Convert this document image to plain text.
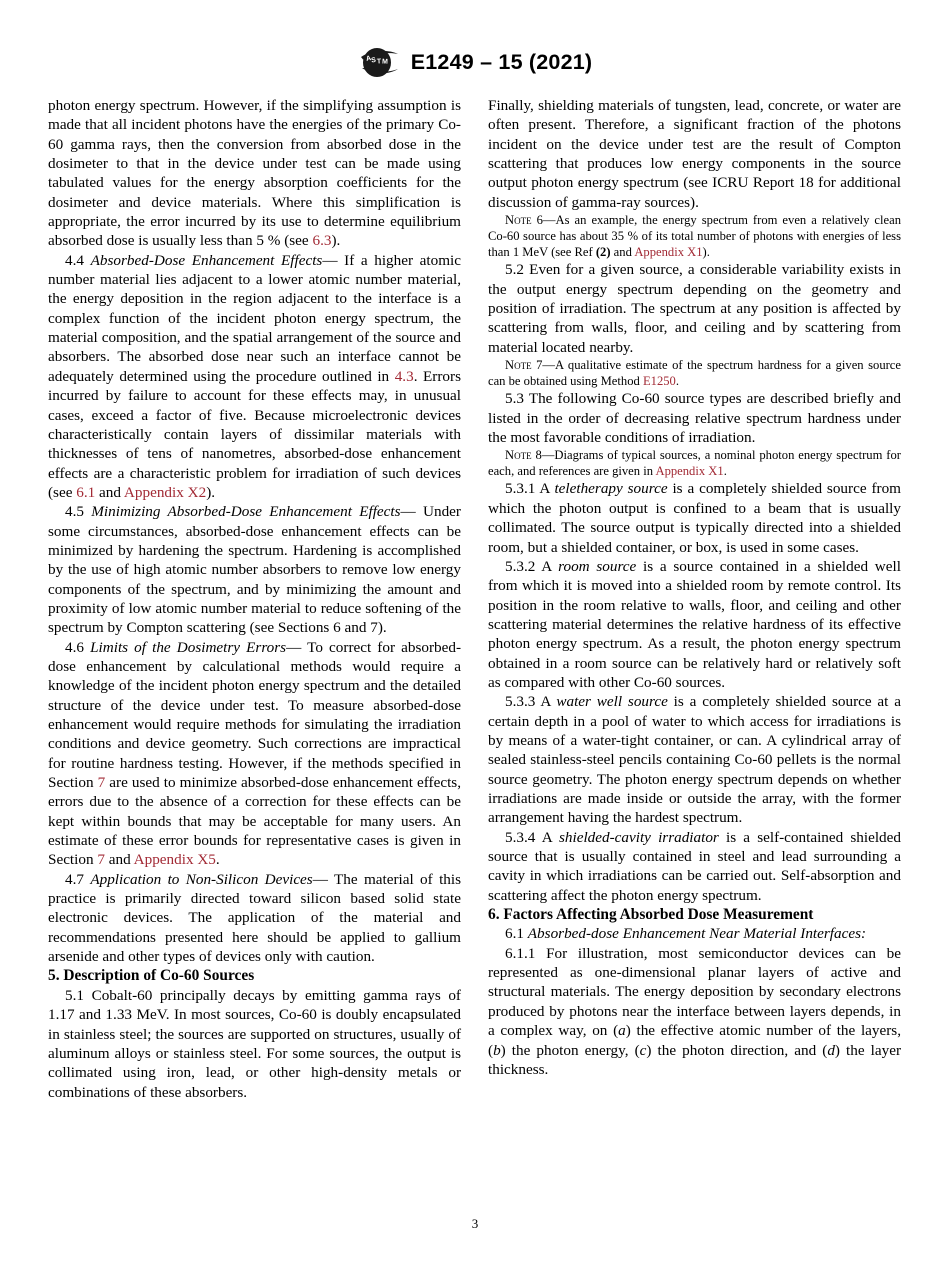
A
S T M E1249 – 15 (2021)

photon energy spectrum. However, if the simplifying assumption is made that all incident photons have the energies of the primary Co-60 gamma rays, then the conversion from absorbed dose in the dosimeter to that in the device under test can be made using tabulated values for the energy absorption coefficients for the dosimeter and device materials. Where this simplification is appropriate, the error incurred by its use to determine equilibrium absorbed dose is usually less than 5 % (see 6.3).

4.4 Absorbed-Dose Enhancement Effects— If a higher atomic number material lies adjacent to a lower atomic number material, the energy deposition in the region adjacent to the interface is a complex function of the incident photon energy spectrum, the material composition, and the spatial arrangement of the source and absorbers. The absorbed dose near such an interface cannot be adequately determined using the procedure outlined in 4.3. Errors incurred by failure to account for these effects may, in unusual cases, exceed a factor of five. Because microelectronic devices characteristically contain layers of dissimilar materials with thicknesses of tens of nanometres, absorbed-dose enhancement effects are a characteristic problem for irradiation of such devices (see 6.1 and Appendix X2).

4.5 Minimizing Absorbed-Dose Enhancement Effects— Under some circumstances, absorbed-dose enhancement effects can be minimized by hardening the spectrum. Hardening is accomplished by the use of high atomic number absorbers to remove low energy components of the spectrum, and by minimizing the amount and proximity of low atomic number material to reduce softening of the spectrum by Compton scattering (see Sections 6 and 7).

4.6 Limits of the Dosimetry Errors— To correct for absorbed-dose enhancement by calculational methods would require a knowledge of the incident photon energy spectrum and the detailed structure of the device under test. To measure absorbed-dose enhancement would require methods for simulating the irradiation conditions and device geometry. Such corrections are impractical for routine hardness testing. However, if the methods specified in Section 7 are used to minimize absorbed-dose enhancement effects, errors due to the absence of a correction for these effects can be kept within bounds that may be acceptable for many users. An estimate of these error bounds for representative cases is given in Section 7 and Appendix X5.

4.7 Application to Non-Silicon Devices— The material of this practice is primarily directed toward silicon based solid state electronic devices. The application of the material and recommendations presented here should be applied to gallium arsenide and other types of devices only with caution.

5. Description of Co-60 Sources

5.1 Cobalt-60 principally decays by emitting gamma rays of 1.17 and 1.33 MeV. In most sources, Co-60 is doubly encapsulated in stainless steel; the sources are supported on structures, usually of aluminum alloys or stainless steel. For some sources, the output is collimated using iron, lead, or other high-density metals or combinations of these absorbers.

Finally, shielding materials of tungsten, lead, concrete, or water are often present. Therefore, a significant fraction of the photons incident on the device under test are the result of Compton scattering that produces low energy components in the source output photon energy spectrum (see ICRU Report 18 for additional discussion of gamma-ray sources).

Note 6—As an example, the energy spectrum from even a relatively clean Co-60 source has about 35 % of its total number of photons with energies of less than 1 MeV (see Ref (2) and Appendix X1).

5.2 Even for a given source, a considerable variability exists in the output energy spectrum depending on the geometry and position of irradiation. The spectrum at any position is affected by scattering from walls, floor, and ceiling and by scattering from material located nearby.

Note 7—A qualitative estimate of the spectrum hardness for a given source can be obtained using Method E1250.

5.3 The following Co-60 source types are described briefly and listed in the order of decreasing relative spectrum hardness under the most favorable conditions of irradiation.

Note 8—Diagrams of typical sources, a nominal photon energy spectrum for each, and references are given in Appendix X1.

5.3.1 A teletherapy source is a completely shielded source from which the photon output is confined to a beam that is usually collimated. The source output is typically directed into a shielded room, but a shielded container, or box, is used in some cases.

5.3.2 A room source is a source contained in a shielded well from which it is moved into a shielded room by remote control. Its position in the room relative to walls, floor, and ceiling and other scattering material determines the relative hardness of its effective photon energy spectrum. As a result, the photon energy spectrum obtained in a room source can be relatively hard or relatively soft as compared with other Co-60 sources.

5.3.3 A water well source is a completely shielded source at a certain depth in a pool of water to which access for irradiations is by means of a water-tight container, or can. A cylindrical array of sealed stainless-steel pencils containing Co-60 pellets is the normal source geometry. The photon energy spectrum depends on whether irradiations are made inside or outside the array, with the former arrangement having the hardest spectrum.

5.3.4 A shielded-cavity irradiator is a self-contained shielded source that is usually contained in steel and lead surrounding a cavity in which irradiations can be carried out. Self-absorption and scattering affect the photon energy spectrum.

6. Factors Affecting Absorbed Dose Measurement

6.1 Absorbed-dose Enhancement Near Material Interfaces:

6.1.1 For illustration, most semiconductor devices can be represented as one-dimensional planar layers of active and structural materials. The energy deposition by secondary electrons produced by photons near the interface between layers depends, in a complex way, on (a) the effective atomic number of the layers, (b) the photon energy, (c) the photon direction, and (d) the layer thickness.

3
